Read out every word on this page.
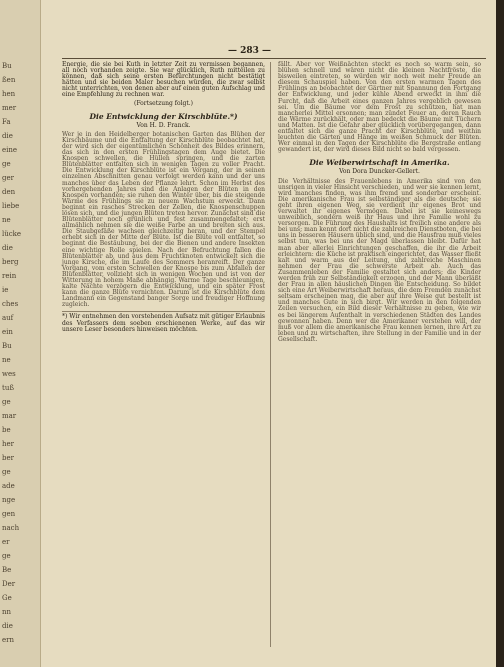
Bu
ßen
hen
mer
Fa
die
eine
ge
ger
den
liebe
ne
lücke
die
berg
rein
ie
ches
auf
ein
Bu
ne
wes
tuß
ge
mar
be
her
ber
ge
ade
nge
gen
nach
er
ge
Be
Der
Ge
nn
die
ern
— 283 —

Energie, die sie bei Kuth in letzter Zeit zu vermissen begannen, all noch vorhanden zeigte. Sie war glücklich, Ruth mitteilen zu können, daß sich seine ersten Befürchtungen nicht bestätigt hätten und sie beiden Maler besuchen würden, die zwar selbst nicht unterrichten, von denen aber auf einen guten Aufschlag und eine Empfehlung zu rechnen war.

(Fortsetzung folgt.)

Die Entwicklung der Kirschblüte.*)
Von H. D. Franck.

Wer je in den Heidelberger botanischen Garten das Blühen der Kirschbäume und die Entfaltung der Kirschblüte beobachtet hat, der wird sich der eigentümlichen Schönheit des Bildes erinnern, das sich in den ersten Frühlingstagen dem Auge bietet. Die Knospen schwellen, die Hüllen springen, und die zarten Blütenblätter entfalten sich in wenigen Tagen zu voller Pracht. Die Entwicklung der Kirschblüte ist ein Vorgang, der in seinen einzelnen Abschnitten genau verfolgt werden kann und der uns manches über das Leben der Pflanze lehrt. Schon im Herbst des vorhergehenden Jahres sind die Anlagen der Blüten in den Knospen vorhanden; sie ruhen den Winter über, bis die steigende Wärme des Frühlings sie zu neuem Wachstum erweckt. Dann beginnt ein rasches Strecken der Zellen, die Knospenschuppen lösen sich, und die jungen Blüten treten hervor. Zunächst sind die Blütenblätter noch grünlich und fest zusammengefaltet; erst allmählich nehmen sie die weiße Farbe an und breiten sich aus. Die Staubgefäße wachsen gleichzeitig heran, und der Stempel erhebt sich in der Mitte der Blüte. Ist die Blüte voll entfaltet, so beginnt die Bestäubung, bei der die Bienen und andere Insekten eine wichtige Rolle spielen. Nach der Befruchtung fallen die Blütenblätter ab, und aus dem Fruchtknoten entwickelt sich die junge Kirsche, die im Laufe des Sommers heranreift. Der ganze Vorgang, vom ersten Schwellen der Knospe bis zum Abfallen der Blütenblätter, vollzieht sich in wenigen Wochen und ist von der Witterung in hohem Maße abhängig. Warme Tage beschleunigen, kalte Nächte verzögern die Entwicklung, und ein später Frost kann die ganze Blüte vernichten. Darum ist die Kirschblüte dem Landmann ein Gegenstand banger Sorge und freudiger Hoffnung zugleich.

*) Wir entnehmen den vorstehenden Aufsatz mit gütiger Erlaubnis des Verfassers dem soeben erschienenen Werke, auf das wir unsere Leser besonders hinweisen möchten.

fällt. Aber vor Weißnächten steckt es noch so warm sein, so blühen schnell und wären nicht die kleinen Nachtfröste, die bisweilen eintreten, so würden wir noch weit mehr Freude an diesem Schauspiel haben. Von den ersten warmen Tagen des Frühlings an beobachtet der Gärtner mit Spannung den Fortgang der Entwicklung, und jeder kühle Abend erweckt in ihm die Furcht, daß die Arbeit eines ganzen Jahres vergeblich gewesen sei. Um die Bäume vor dem Frost zu schützen, hat man mancherlei Mittel ersonnen; man zündet Feuer an, deren Rauch die Wärme zurückhält, oder man bedeckt die Bäume mit Tüchern und Matten. Ist die Gefahr aber glücklich vorübergegangen, dann entfaltet sich die ganze Pracht der Kirschblüte, und weithin leuchten die Gärten und Hänge im weißen Schmuck der Blüten. Wer einmal in den Tagen der Kirschblüte die Bergstraße entlang gewandert ist, der wird dieses Bild nicht so bald vergessen.

Die Weiberwirtschaft in Amerika.
Von Dora Duncker-Gellert.

Die Verhältnisse des Frauenlebens in Amerika sind von den unsrigen in vieler Hinsicht verschieden, und wer sie kennen lernt, wird manches finden, was ihm fremd und sonderbar erscheint. Die amerikanische Frau ist selbständiger als die deutsche; sie geht ihren eigenen Weg, sie verdient ihr eigenes Brot und verwaltet ihr eigenes Vermögen. Dabei ist sie keineswegs unweiblich, sondern weiß ihr Haus und ihre Familie wohl zu versorgen. Die Führung des Haushalts ist freilich eine andere als bei uns; man kennt dort nicht die zahlreichen Dienstboten, die bei uns in besseren Häusern üblich sind, und die Hausfrau muß vieles selbst tun, was bei uns der Magd überlassen bleibt. Dafür hat man aber allerlei Einrichtungen geschaffen, die ihr die Arbeit erleichtern: die Küche ist praktisch eingerichtet, das Wasser fließt kalt und warm aus der Leitung, und zahlreiche Maschinen nehmen der Frau die schwerste Arbeit ab. Auch das Zusammenleben der Familie gestaltet sich anders; die Kinder werden früh zur Selbständigkeit erzogen, und der Mann überläßt der Frau in allen häuslichen Dingen die Entscheidung. So bildet sich eine Art Weiberwirtschaft heraus, die dem Fremden zunächst seltsam erscheinen mag, die aber auf ihre Weise gut bestellt ist und manches Gute in sich birgt. Wir werden in den folgenden Zeilen versuchen, ein Bild dieser Verhältnisse zu geben, wie wir es bei längerem Aufenthalt in verschiedenen Städten des Landes gewonnen haben. Denn wer die Amerikaner verstehen will, der muß vor allem die amerikanische Frau kennen lernen, ihre Art zu leben und zu wirtschaften, ihre Stellung in der Familie und in der Gesellschaft.
